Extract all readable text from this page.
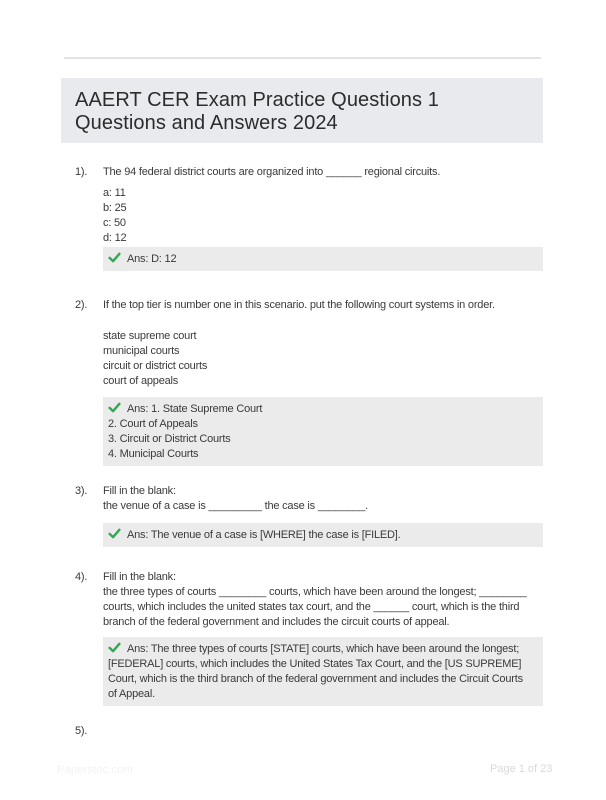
AAERT CER Exam Practice Questions 1
Questions and Answers 2024
1). The 94 federal district courts are organized into ______ regional circuits.
a: 11
b: 25
c: 50
d: 12
Ans: D: 12
2). If the top tier is number one in this scenario. put the following court systems in order.
state supreme court
municipal courts
circuit or district courts
court of appeals
Ans: 1. State Supreme Court
2. Court of Appeals
3. Circuit or District Courts
4. Municipal Courts
3). Fill in the blank:
the venue of a case is _________ the case is ________.
Ans: The venue of a case is [WHERE] the case is [FILED].
4). Fill in the blank:
the three types of courts ________ courts, which have been around the longest; ________
courts, which includes the united states tax court, and the ______ court, which is the third
branch of the federal government and includes the circuit courts of appeal.
Ans: The three types of courts [STATE] courts, which have been around the longest;
[FEDERAL] courts, which includes the United States Tax Court, and the [US SUPREME]
Court, which is the third branch of the federal government and includes the Circuit Courts
of Appeal.
5).
Paperstoc.com	Page 1 of 23
